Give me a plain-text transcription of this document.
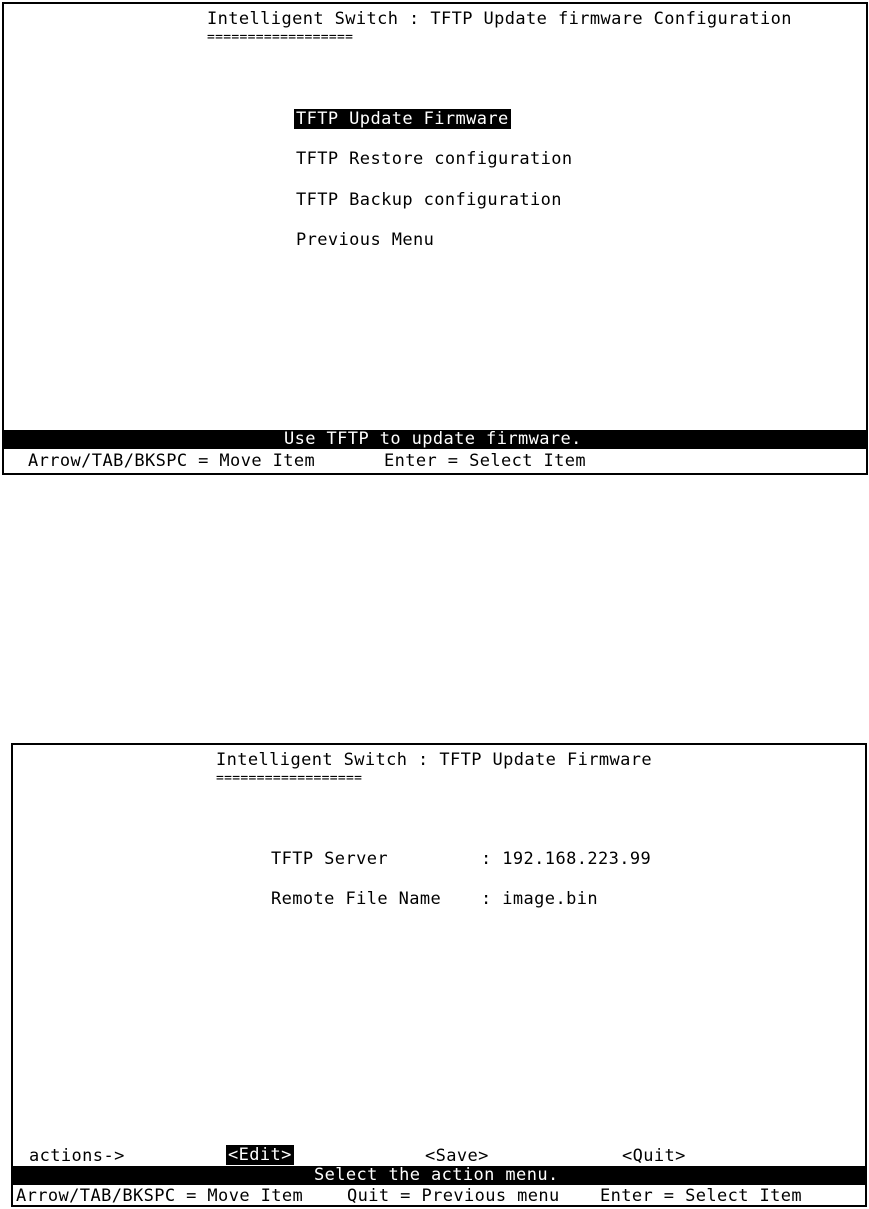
Intelligent Switch : TFTP Update firmware Configuration
==================
TFTP Update Firmware
TFTP Restore configuration
TFTP Backup configuration
Previous Menu
Use TFTP to update firmware.
Arrow/TAB/BKSPC = Move Item	Enter = Select Item
Intelligent Switch : TFTP Update Firmware
==================
TFTP Server	: 192.168.223.99
Remote File Name : image.bin
actions->	<Edit>	<Save>	<Quit>
Select the action menu.
Arrow/TAB/BKSPC = Move Item	Quit = Previous menu Enter = Select Item
